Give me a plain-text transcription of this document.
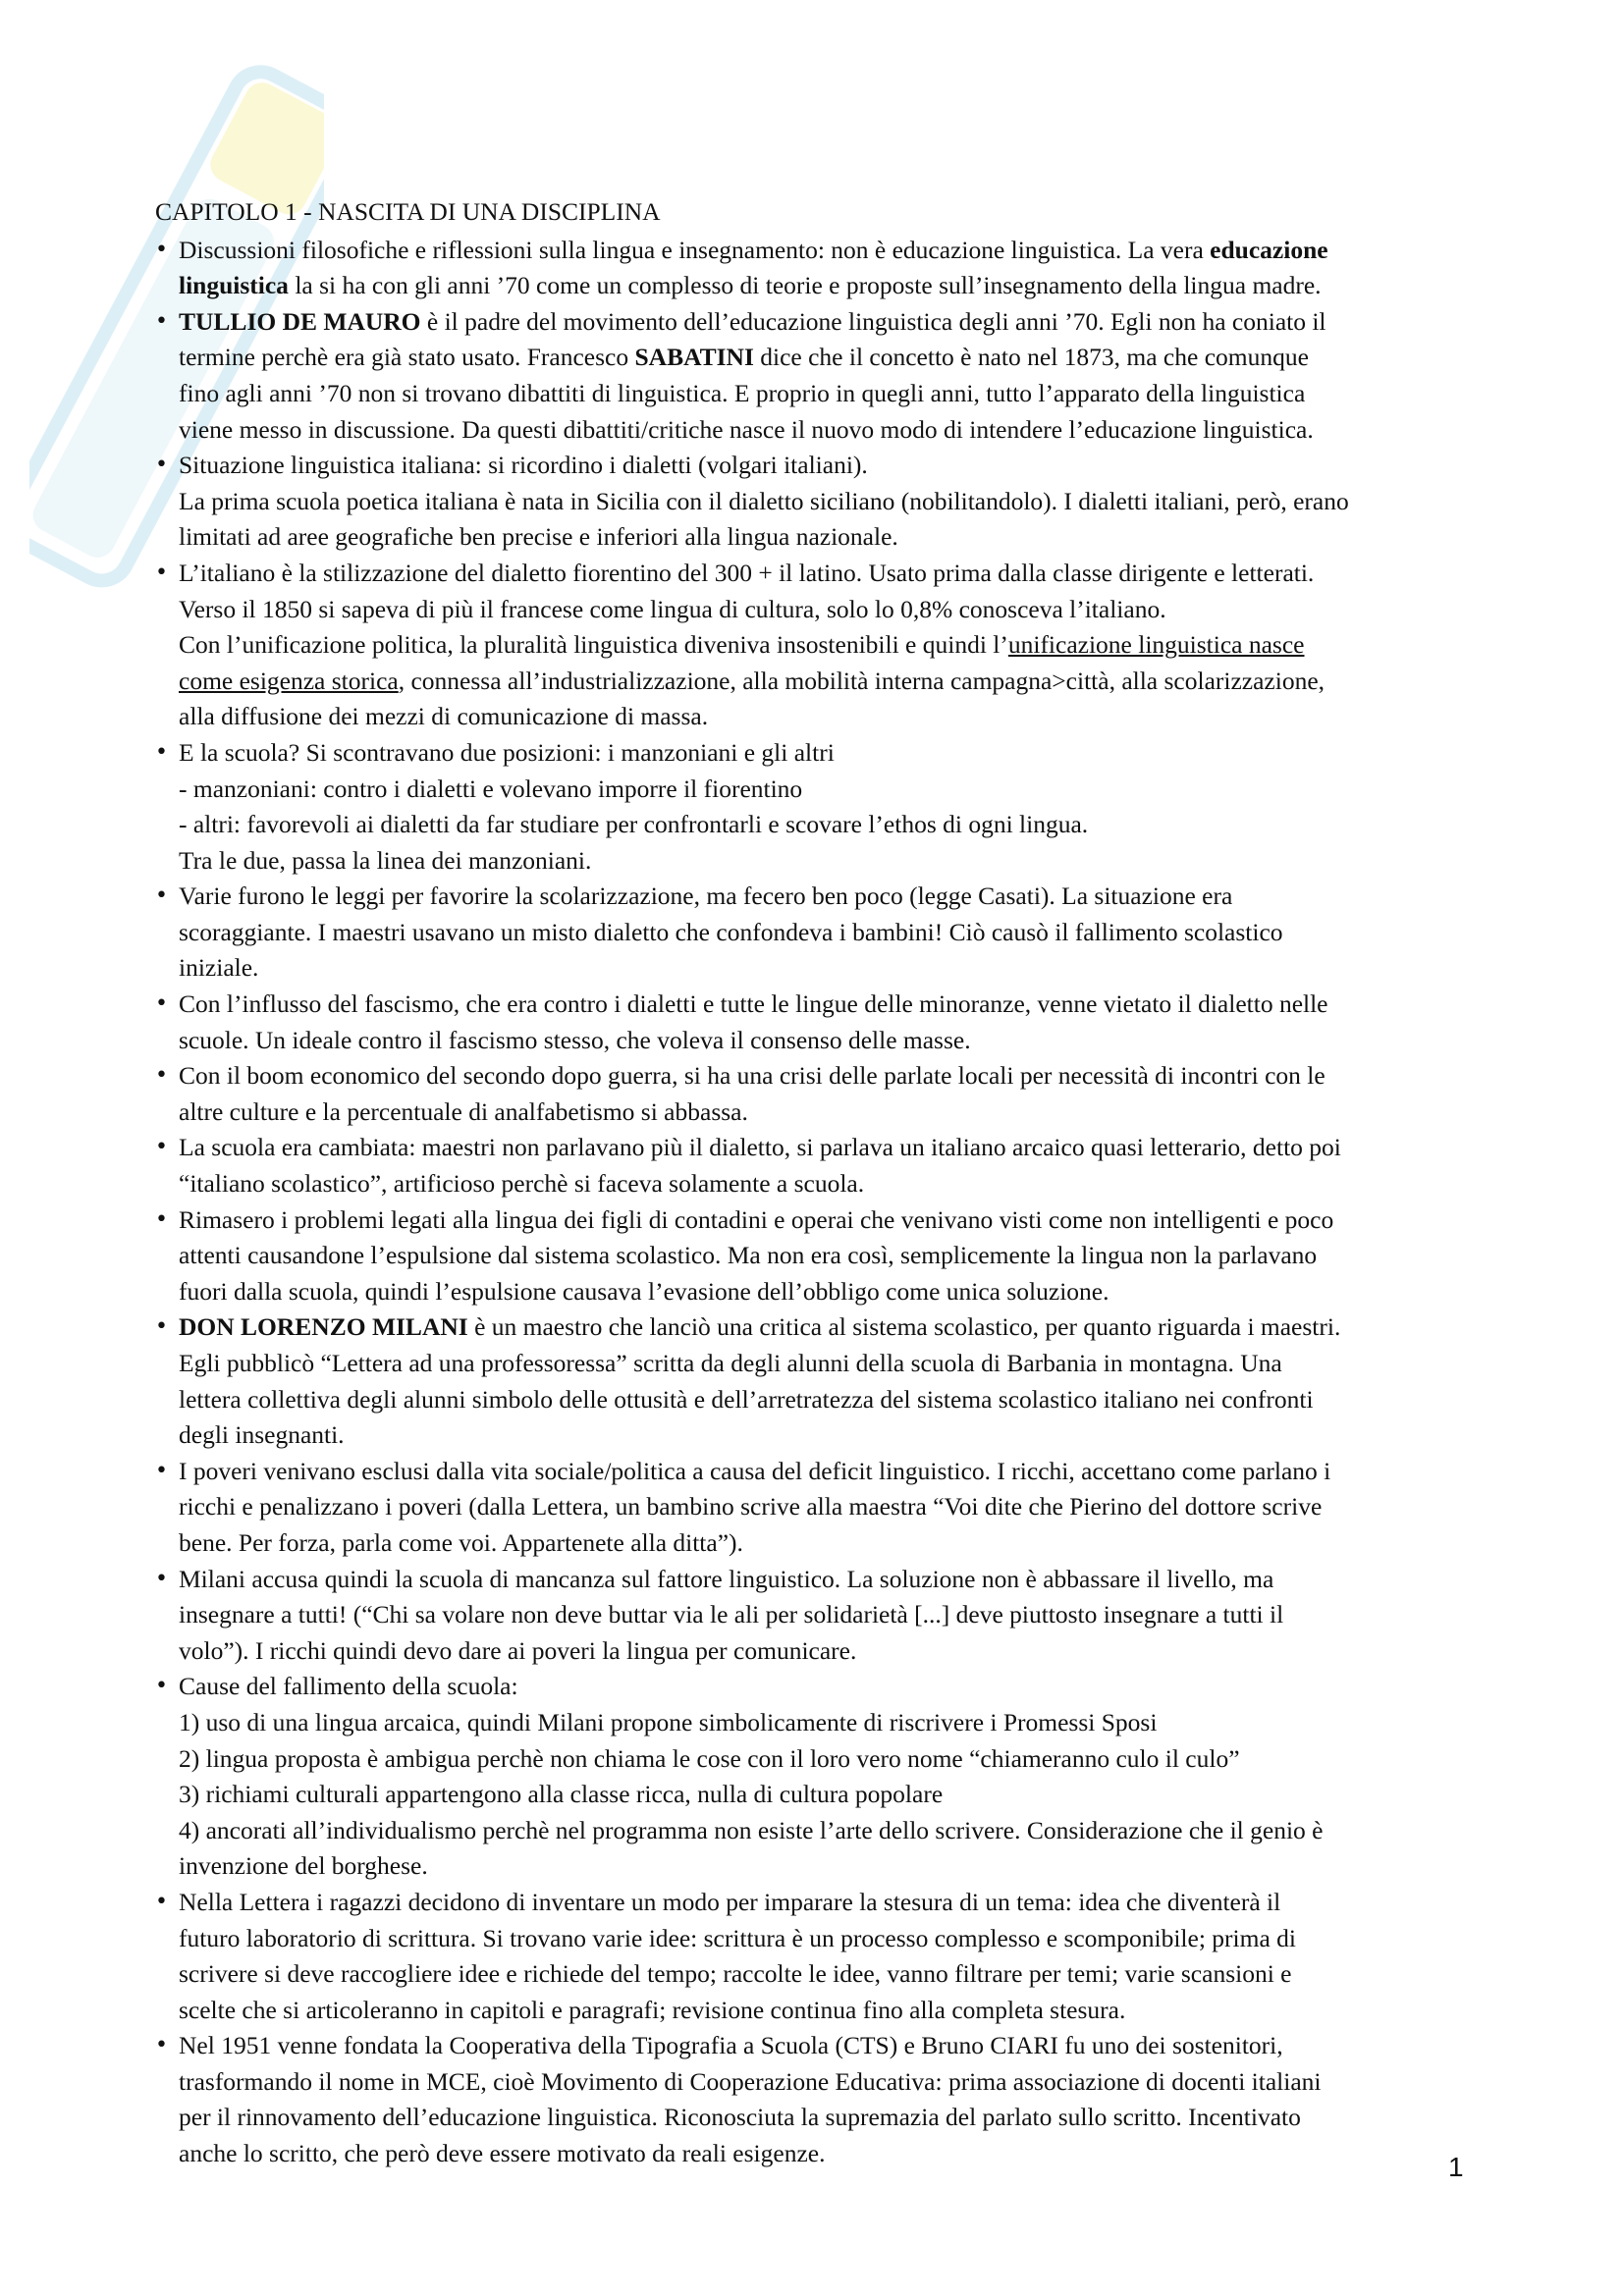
CAPITOLO 1 - NASCITA DI UNA DISCIPLINA
• Discussioni filosofiche e riflessioni sulla lingua e insegnamento: non è educazione linguistica. La vera educazione
linguistica la si ha con gli anni ’70 come un complesso di teorie e proposte sull’insegnamento della lingua madre.
• TULLIO DE MAURO è il padre del movimento dell’educazione linguistica degli anni ’70. Egli non ha coniato il
termine perchè era già stato usato. Francesco SABATINI dice che il concetto è nato nel 1873, ma che comunque
fino agli anni ’70 non si trovano dibattiti di linguistica. E proprio in quegli anni, tutto l’apparato della linguistica
viene messo in discussione. Da questi dibattiti/critiche nasce il nuovo modo di intendere l’educazione linguistica.
• Situazione linguistica italiana: si ricordino i dialetti (volgari italiani).
La prima scuola poetica italiana è nata in Sicilia con il dialetto siciliano (nobilitandolo). I dialetti italiani, però, erano
limitati ad aree geografiche ben precise e inferiori alla lingua nazionale.
• L’italiano è la stilizzazione del dialetto fiorentino del 300 + il latino. Usato prima dalla classe dirigente e letterati.
Verso il 1850 si sapeva di più il francese come lingua di cultura, solo lo 0,8% conosceva l’italiano.
Con l’unificazione politica, la pluralità linguistica diveniva insostenibili e quindi l’unificazione linguistica nasce
come esigenza storica, connessa all’industrializzazione, alla mobilità interna campagna>città, alla scolarizzazione,
alla diffusione dei mezzi di comunicazione di massa.
• E la scuola? Si scontravano due posizioni: i manzoniani e gli altri
- manzoniani: contro i dialetti e volevano imporre il fiorentino
- altri: favorevoli ai dialetti da far studiare per confrontarli e scovare l’ethos di ogni lingua.
Tra le due, passa la linea dei manzoniani.
• Varie furono le leggi per favorire la scolarizzazione, ma fecero ben poco (legge Casati). La situazione era
scoraggiante. I maestri usavano un misto dialetto che confondeva i bambini! Ciò causò il fallimento scolastico
iniziale.
• Con l’influsso del fascismo, che era contro i dialetti e tutte le lingue delle minoranze, venne vietato il dialetto nelle
scuole. Un ideale contro il fascismo stesso, che voleva il consenso delle masse.
• Con il boom economico del secondo dopo guerra, si ha una crisi delle parlate locali per necessità di incontri con le
altre culture e la percentuale di analfabetismo si abbassa.
• La scuola era cambiata: maestri non parlavano più il dialetto, si parlava un italiano arcaico quasi letterario, detto poi
“italiano scolastico”, artificioso perchè si faceva solamente a scuola.
• Rimasero i problemi legati alla lingua dei figli di contadini e operai che venivano visti come non intelligenti e poco
attenti causandone l’espulsione dal sistema scolastico. Ma non era così, semplicemente la lingua non la parlavano
fuori dalla scuola, quindi l’espulsione causava l’evasione dell’obbligo come unica soluzione.
• DON LORENZO MILANI è un maestro che lanciò una critica al sistema scolastico, per quanto riguarda i maestri.
Egli pubblicò “Lettera ad una professoressa” scritta da degli alunni della scuola di Barbania in montagna. Una
lettera collettiva degli alunni simbolo delle ottusità e dell’arretratezza del sistema scolastico italiano nei confronti
degli insegnanti.
• I poveri venivano esclusi dalla vita sociale/politica a causa del deficit linguistico. I ricchi, accettano come parlano i
ricchi e penalizzano i poveri (dalla Lettera, un bambino scrive alla maestra “Voi dite che Pierino del dottore scrive
bene. Per forza, parla come voi. Appartenete alla ditta”).
• Milani accusa quindi la scuola di mancanza sul fattore linguistico. La soluzione non è abbassare il livello, ma
insegnare a tutti! (“Chi sa volare non deve buttar via le ali per solidarietà [...] deve piuttosto insegnare a tutti il
volo”). I ricchi quindi devo dare ai poveri la lingua per comunicare.
• Cause del fallimento della scuola:
1) uso di una lingua arcaica, quindi Milani propone simbolicamente di riscrivere i Promessi Sposi
2) lingua proposta è ambigua perchè non chiama le cose con il loro vero nome “chiameranno culo il culo”
3) richiami culturali appartengono alla classe ricca, nulla di cultura popolare
4) ancorati all’individualismo perchè nel programma non esiste l’arte dello scrivere. Considerazione che il genio è
invenzione del borghese.
• Nella Lettera i ragazzi decidono di inventare un modo per imparare la stesura di un tema: idea che diventerà il
futuro laboratorio di scrittura. Si trovano varie idee: scrittura è un processo complesso e scomponibile; prima di
scrivere si deve raccogliere idee e richiede del tempo; raccolte le idee, vanno filtrare per temi; varie scansioni e
scelte che si articoleranno in capitoli e paragrafi; revisione continua fino alla completa stesura.
• Nel 1951 venne fondata la Cooperativa della Tipografia a Scuola (CTS) e Bruno CIARI fu uno dei sostenitori,
trasformando il nome in MCE, cioè Movimento di Cooperazione Educativa: prima associazione di docenti italiani
per il rinnovamento dell’educazione linguistica. Riconosciuta la supremazia del parlato sullo scritto. Incentivato
anche lo scritto, che però deve essere motivato da reali esigenze.	1
